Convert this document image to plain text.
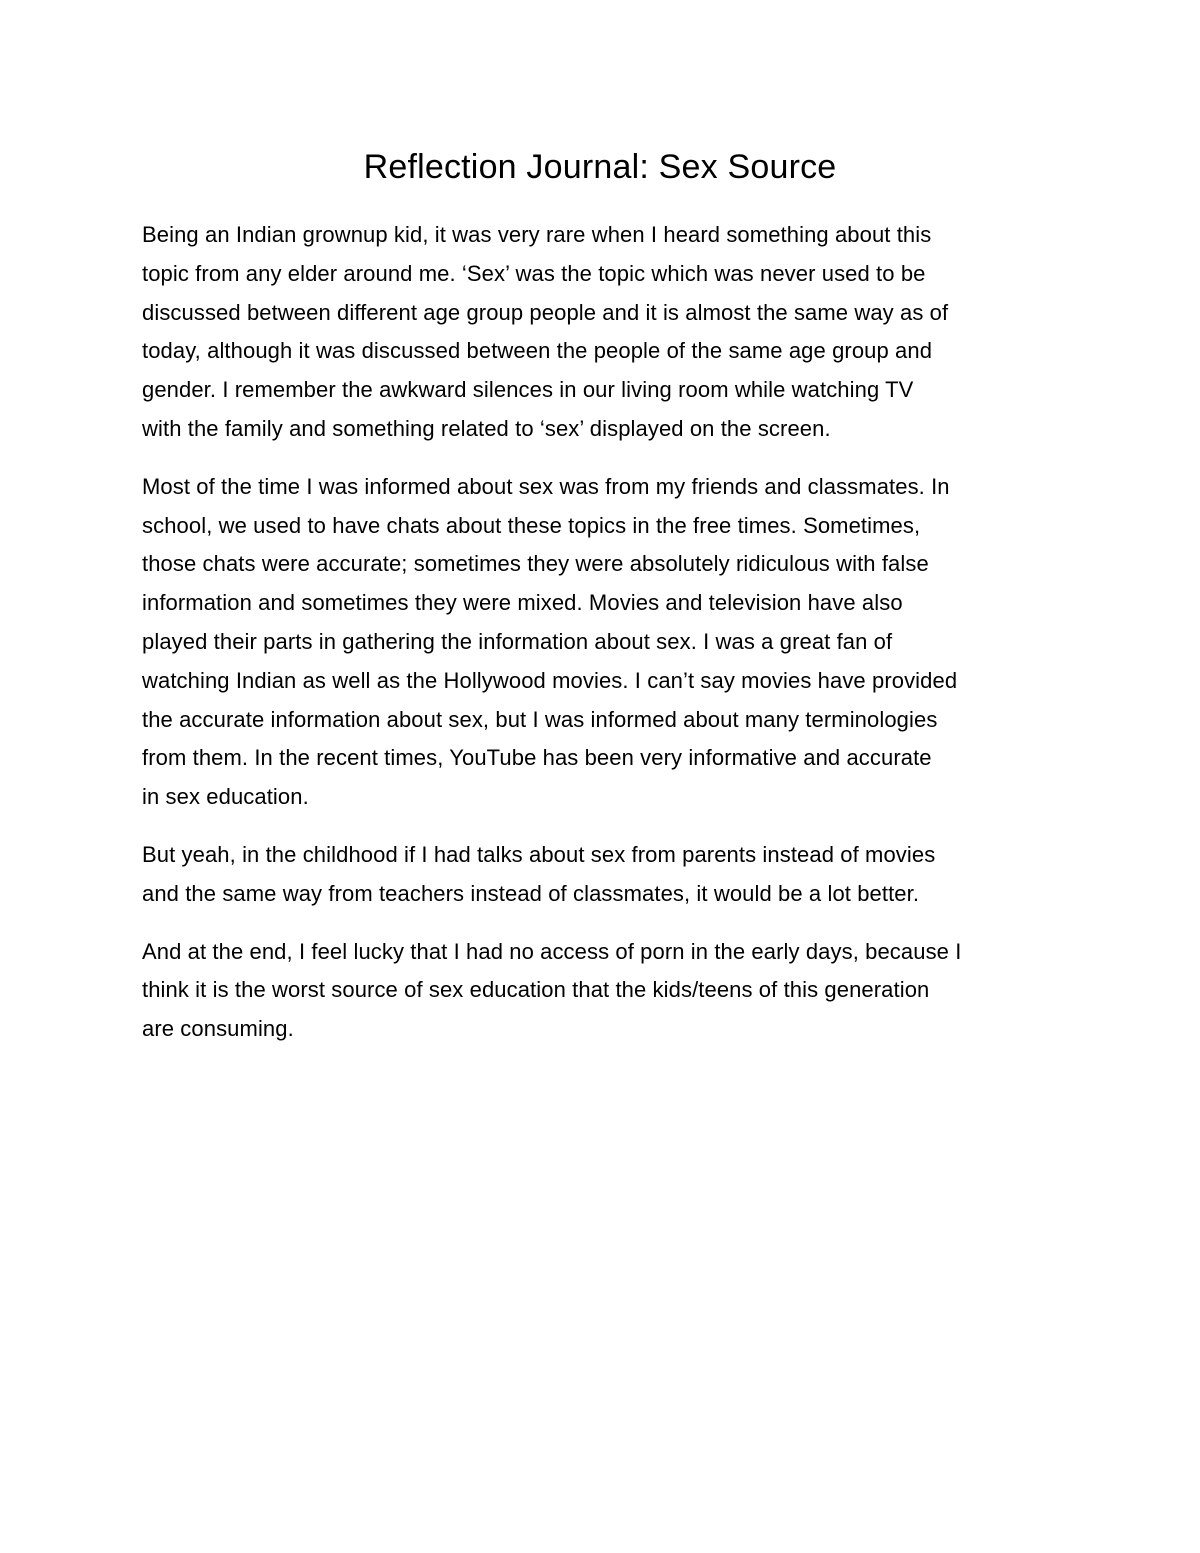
Reflection Journal: Sex Source

Being an Indian grownup kid, it was very rare when I heard something about this
topic from any elder around me. ‘Sex’ was the topic which was never used to be
discussed between different age group people and it is almost the same way as of
today, although it was discussed between the people of the same age group and
gender. I remember the awkward silences in our living room while watching TV
with the family and something related to ‘sex’ displayed on the screen.

Most of the time I was informed about sex was from my friends and classmates. In
school, we used to have chats about these topics in the free times. Sometimes,
those chats were accurate; sometimes they were absolutely ridiculous with false
information and sometimes they were mixed. Movies and television have also
played their parts in gathering the information about sex. I was a great fan of
watching Indian as well as the Hollywood movies. I can’t say movies have provided
the accurate information about sex, but I was informed about many terminologies
from them. In the recent times, YouTube has been very informative and accurate
in sex education.

But yeah, in the childhood if I had talks about sex from parents instead of movies
and the same way from teachers instead of classmates, it would be a lot better.

And at the end, I feel lucky that I had no access of porn in the early days, because I
think it is the worst source of sex education that the kids/teens of this generation
are consuming.
